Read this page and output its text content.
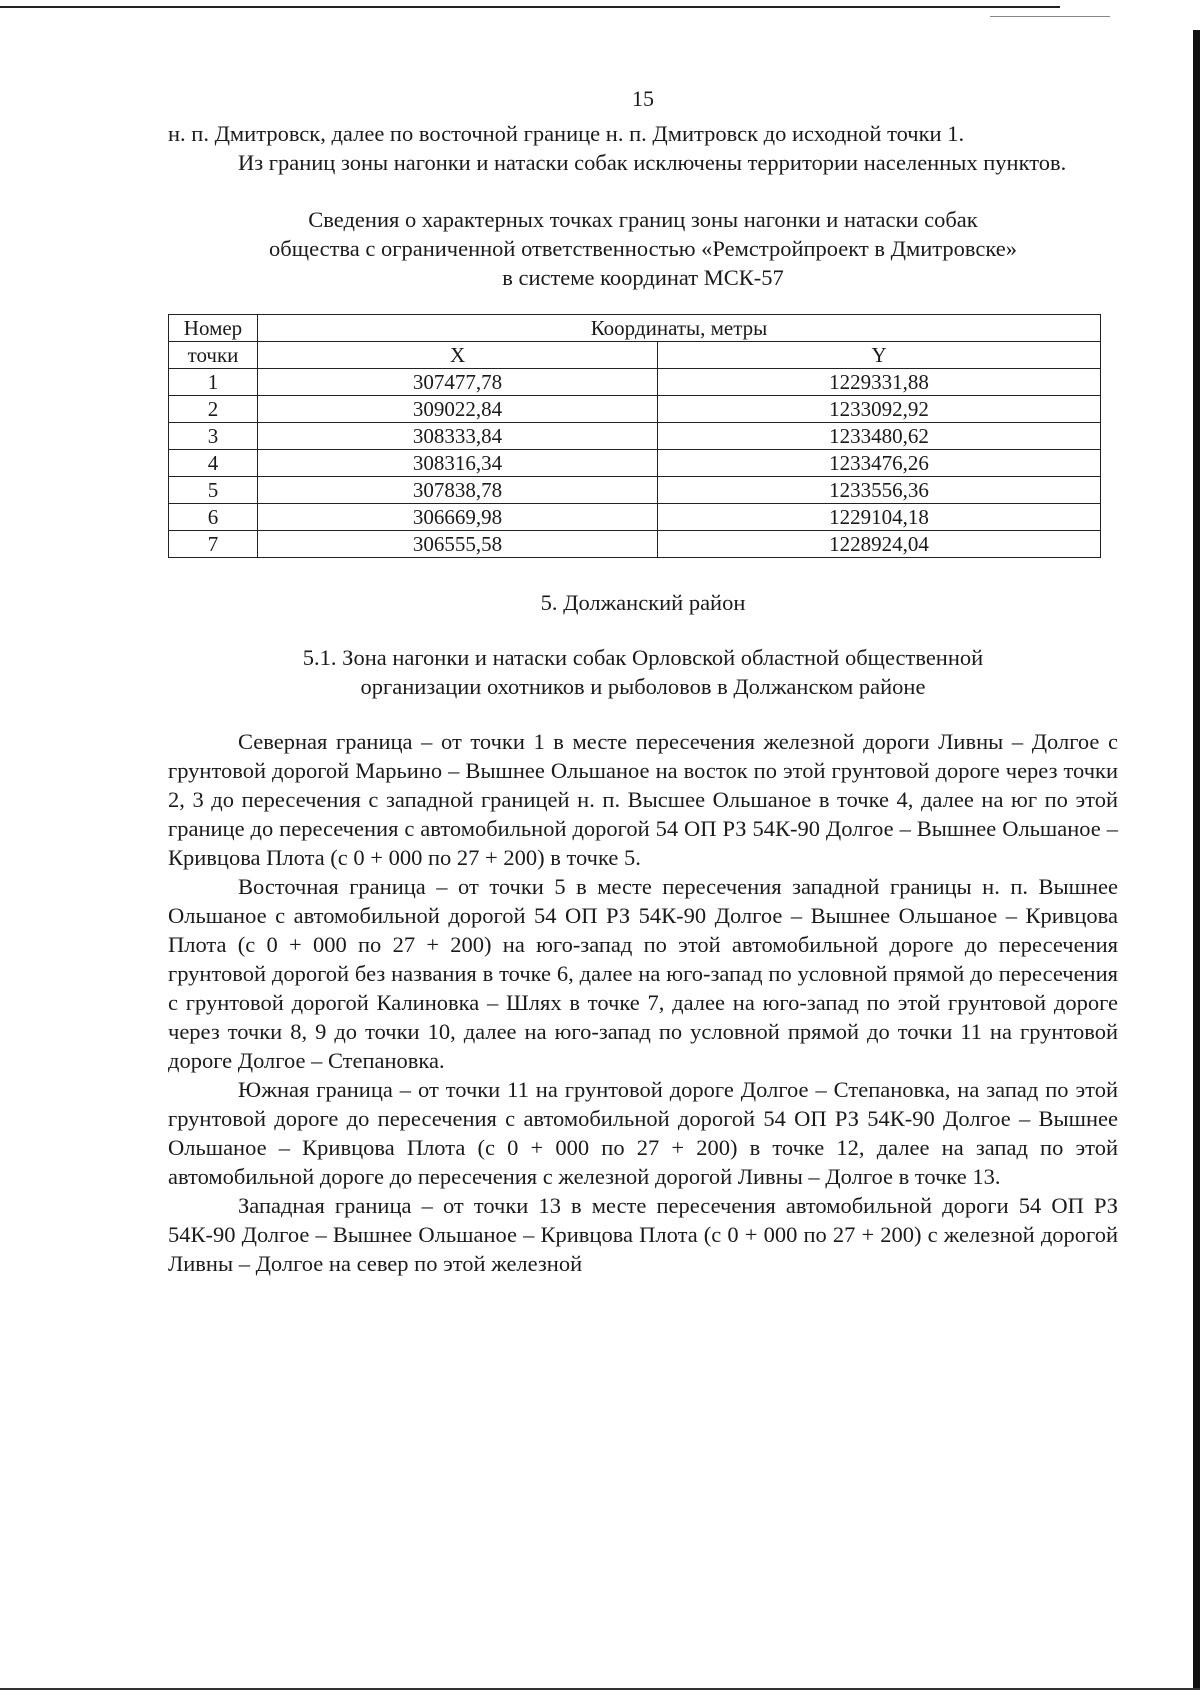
15

н. п. Дмитровск, далее по восточной границе н. п. Дмитровск до исходной точки 1.

Из границ зоны нагонки и натаски собак исключены территории населенных пунктов.

Сведения о характерных точках границ зоны нагонки и натаски собак

общества с ограниченной ответственностью «Ремстройпроект в Дмитровске»

в системе координат МСК-57

Номер	Координаты, метры	
точки	X	Y
1	307477,78	1229331,88
2	309022,84	1233092,92
3	308333,84	1233480,62
4	308316,34	1233476,26
5	307838,78	1233556,36
6	306669,98	1229104,18
7	306555,58	1228924,04

5. Должанский район

5.1. Зона нагонки и натаски собак Орловской областной общественной

организации охотников и рыболовов в Должанском районе

Северная граница – от точки 1 в месте пересечения железной дороги Ливны – Долгое с грунтовой дорогой Марьино – Вышнее Ольшаное на восток по этой грунтовой дороге через точки 2, 3 до пересечения с западной границей н. п. Высшее Ольшаное в точке 4, далее на юг по этой границе до пересечения с автомобильной дорогой 54 ОП РЗ 54К-90 Долгое – Вышнее Ольшаное – Кривцова Плота (с 0 + 000 по 27 + 200) в точке 5.

Восточная граница – от точки 5 в месте пересечения западной границы н. п. Вышнее Ольшаное с автомобильной дорогой 54 ОП РЗ 54К-90 Долгое – Вышнее Ольшаное – Кривцова Плота (с 0 + 000 по 27 + 200) на юго-запад по этой автомобильной дороге до пересечения грунтовой дорогой без названия в точке 6, далее на юго-запад по условной прямой до пересечения с грунтовой дорогой Калиновка – Шлях в точке 7, далее на юго-запад по этой грунтовой дороге через точки 8, 9 до точки 10, далее на юго-запад по условной прямой до точки 11 на грунтовой дороге Долгое – Степановка.

Южная граница – от точки 11 на грунтовой дороге Долгое – Степановка, на запад по этой грунтовой дороге до пересечения с автомобильной дорогой 54 ОП РЗ 54К-90 Долгое – Вышнее Ольшаное – Кривцова Плота (с 0 + 000 по 27 + 200) в точке 12, далее на запад по этой автомобильной дороге до пересечения с железной дорогой Ливны – Долгое в точке 13.

Западная граница – от точки 13 в месте пересечения автомобильной дороги 54 ОП РЗ 54К-90 Долгое – Вышнее Ольшаное – Кривцова Плота (с 0 + 000 по 27 + 200) с железной дорогой Ливны – Долгое на север по этой железной
